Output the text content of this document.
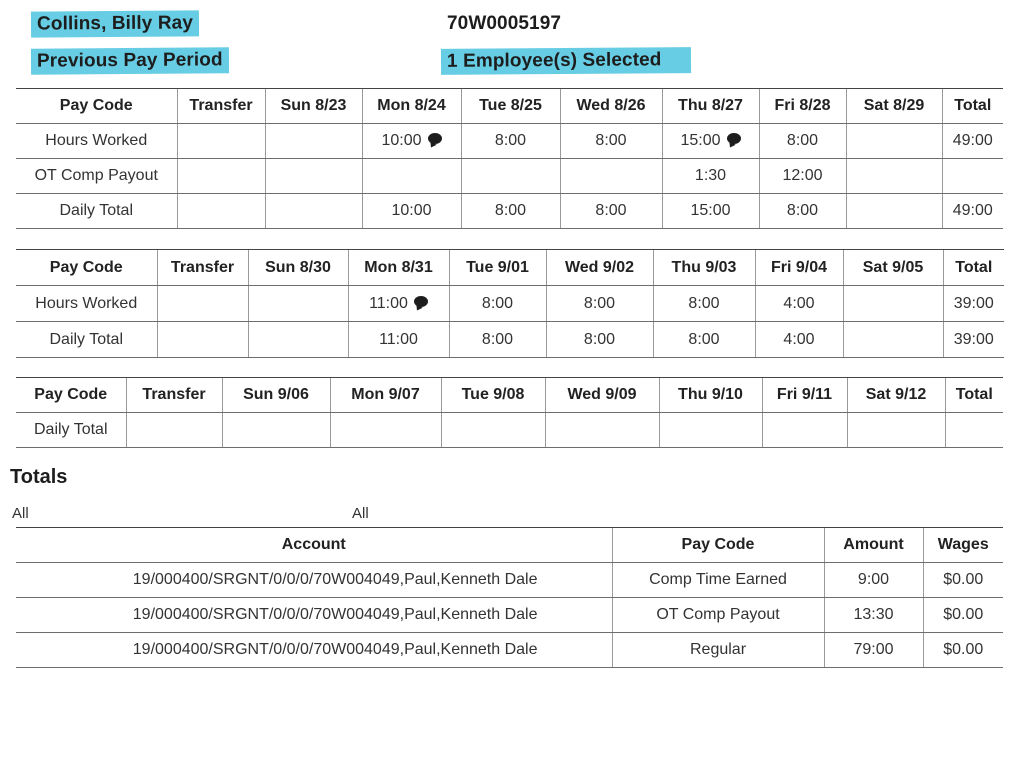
Collins, Billy Ray	70W0005197
Previous Pay Period	1 Employee(s) Selected
Pay Code	Transfer	Sun 8/23	Mon 8/24	Tue 8/25	Wed 8/26	Thu 8/27	Fri 8/28	Sat 8/29	Total
Hours Worked			10:00	8:00	8:00	15:00	8:00		49:00
OT Comp Payout						1:30	12:00		
Daily Total			10:00	8:00	8:00	15:00	8:00		49:00
Pay Code	Transfer	Sun 8/30	Mon 8/31	Tue 9/01	Wed 9/02	Thu 9/03	Fri 9/04	Sat 9/05	Total
Hours Worked			11:00	8:00	8:00	8:00	4:00		39:00
Daily Total			11:00	8:00	8:00	8:00	4:00		39:00
Pay Code	Transfer	Sun 9/06	Mon 9/07	Tue 9/08	Wed 9/09	Thu 9/10	Fri 9/11	Sat 9/12	Total
Daily Total									
Totals
All	All
Account	Pay Code	Amount	Wages
19/000400/SRGNT/0/0/0/70W004049,Paul,Kenneth Dale	Comp Time Earned	9:00	$0.00
19/000400/SRGNT/0/0/0/70W004049,Paul,Kenneth Dale	OT Comp Payout	13:30	$0.00
19/000400/SRGNT/0/0/0/70W004049,Paul,Kenneth Dale	Regular	79:00	$0.00
